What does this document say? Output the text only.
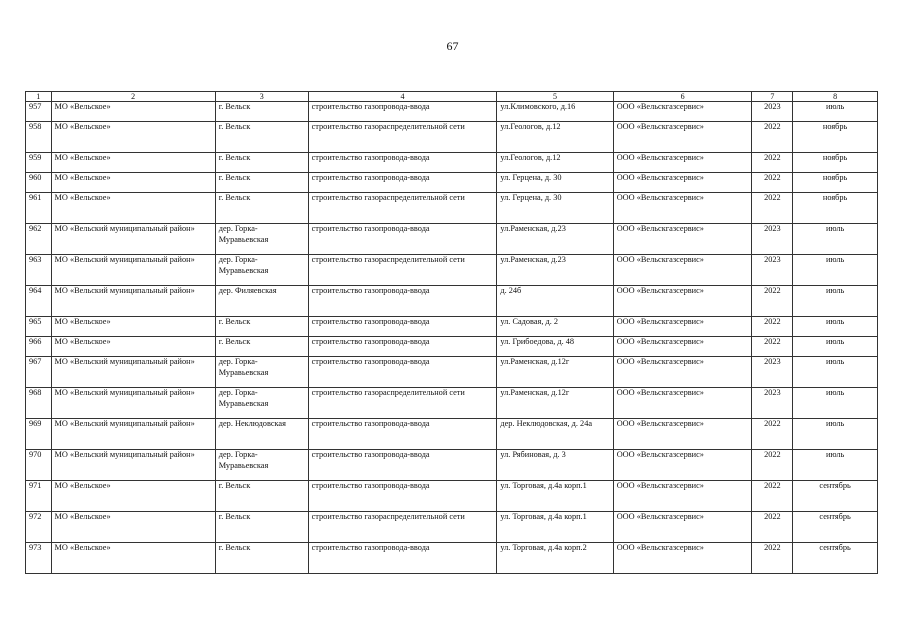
67
1	2	3	4	5	6	7	8
957	МО «Вельское»	г. Вельск	строительство газопровода-ввода	ул.Климовского, д.16	ООО «Вельскгазсервис»	2023	июль
958	МО «Вельское»	г. Вельск	строительство газораспределительной сети	ул.Геологов, д.12	ООО «Вельскгазсервис»	2022	ноябрь
959	МО «Вельское»	г. Вельск	строительство газопровода-ввода	ул.Геологов, д.12	ООО «Вельскгазсервис»	2022	ноябрь
960	МО «Вельское»	г. Вельск	строительство газопровода-ввода	ул. Герцена, д. 30	ООО «Вельскгазсервис»	2022	ноябрь
961	МО «Вельское»	г. Вельск	строительство газораспределительной сети	ул. Герцена, д. 30	ООО «Вельскгазсервис»	2022	ноябрь
962	МО «Вельский муниципальный район»	дер. Горка-Муравьевская	строительство газопровода-ввода	ул.Раменская, д.23	ООО «Вельскгазсервис»	2023	июль
963	МО «Вельский муниципальный район»	дер. Горка-Муравьевская	строительство газораспределительной сети	ул.Раменская, д.23	ООО «Вельскгазсервис»	2023	июль
964	МО «Вельский муниципальный район»	дер. Филяевская	строительство газопровода-ввода	д. 24б	ООО «Вельскгазсервис»	2022	июль
965	МО «Вельское»	г. Вельск	строительство газопровода-ввода	ул. Садовая, д. 2	ООО «Вельскгазсервис»	2022	июль
966	МО «Вельское»	г. Вельск	строительство газопровода-ввода	ул. Грибоедова, д. 48	ООО «Вельскгазсервис»	2022	июль
967	МО «Вельский муниципальный район»	дер. Горка-Муравьевская	строительство газопровода-ввода	ул.Раменская, д.12г	ООО «Вельскгазсервис»	2023	июль
968	МО «Вельский муниципальный район»	дер. Горка-Муравьевская	строительство газораспределительной сети	ул.Раменская, д.12г	ООО «Вельскгазсервис»	2023	июль
969	МО «Вельский муниципальный район»	дер. Неклюдовская	строительство газопровода-ввода	дер. Неклюдовская, д. 24а	ООО «Вельскгазсервис»	2022	июль
970	МО «Вельский муниципальный район»	дер. Горка-Муравьевская	строительство газопровода-ввода	ул. Рябиновая, д. 3	ООО «Вельскгазсервис»	2022	июль
971	МО «Вельское»	г. Вельск	строительство газопровода-ввода	ул. Торговая, д.4а корп.1	ООО «Вельскгазсервис»	2022	сентябрь
972	МО «Вельское»	г. Вельск	строительство газораспределительной сети	ул. Торговая, д.4а корп.1	ООО «Вельскгазсервис»	2022	сентябрь
973	МО «Вельское»	г. Вельск	строительство газопровода-ввода	ул. Торговая, д.4а корп.2	ООО «Вельскгазсервис»	2022	сентябрь
